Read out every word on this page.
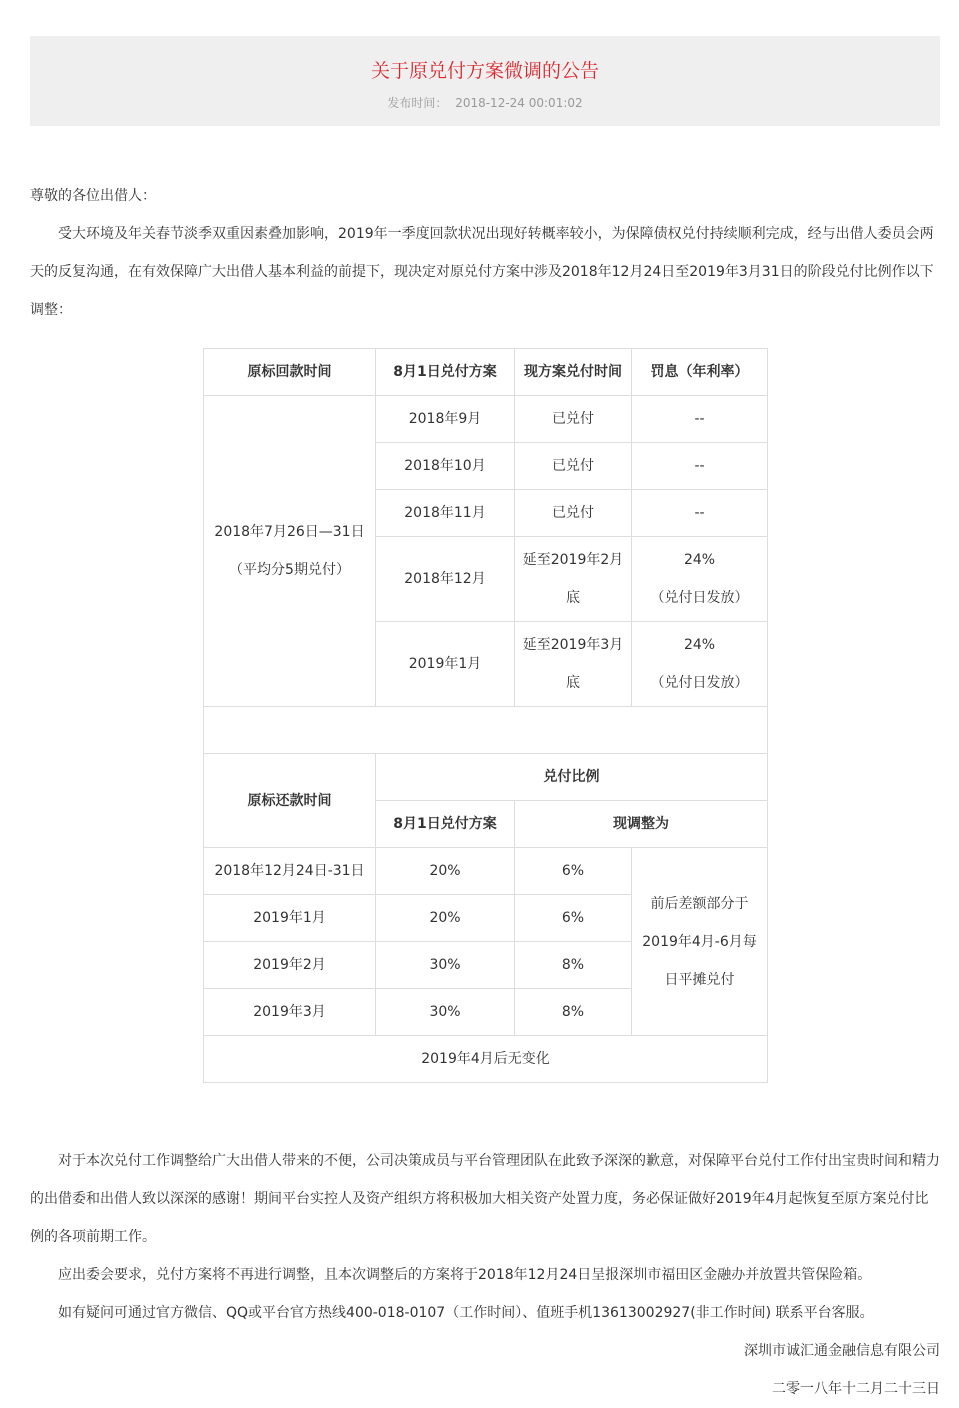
关于原兑付方案微调的公告
发布时间： 2018-12-24 00:01:02

尊敬的各位出借人：

受大环境及年关春节淡季双重因素叠加影响，2019年一季度回款状况出现好转概率较小，为保障债权兑付持续顺利完成，经与出借人委员会两天的反复沟通，在有效保障广大出借人基本利益的前提下，现决定对原兑付方案中涉及2018年12月24日至2019年3月31日的阶段兑付比例作以下调整：

原标回款时间	8月1日兑付方案	现方案兑付时间	罚息（年利率）

2018年7月26日—31日
（平均分5期兑付）	2018年9月	已兑付	--
	2018年10月	已兑付	--
	2018年11月	已兑付	--
	2018年12月	延至2019年2月底	24%
（兑付日发放）

	2019年1月	延至2019年3月底	24%
（兑付日发放）

原标还款时间	兑付比例		
	8月1日兑付方案	现调整为	
2018年12月24日-31日	20%	6%	前后差额部分于2019年4月-6月每日平摊兑付
2019年1月	20%	6%	
2019年2月	30%	8%	
2019年3月	30%	8%	
2019年4月后无变化			

对于本次兑付工作调整给广大出借人带来的不便，公司决策成员与平台管理团队在此致予深深的歉意，对保障平台兑付工作付出宝贵时间和精力的出借委和出借人致以深深的感谢！期间平台实控人及资产组织方将积极加大相关资产处置力度，务必保证做好2019年4月起恢复至原方案兑付比例的各项前期工作。

应出委会要求，兑付方案将不再进行调整，且本次调整后的方案将于2018年12月24日呈报深圳市福田区金融办并放置共管保险箱。

如有疑问可通过官方微信、QQ或平台官方热线400-018-0107（工作时间）、值班手机13613002927(非工作时间) 联系平台客服。

深圳市诚汇通金融信息有限公司

二零一八年十二月二十三日
